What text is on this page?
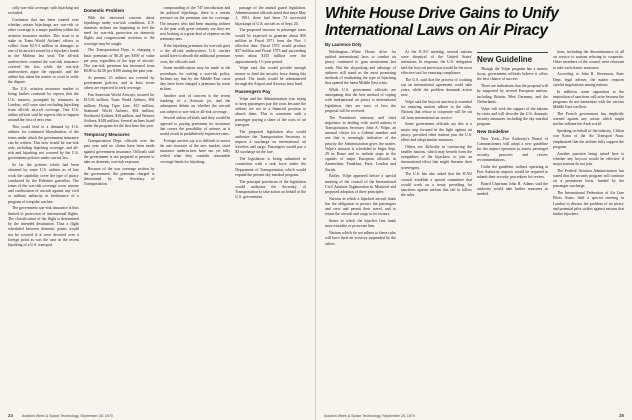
cally war-risk coverage, with hijacking not excluded.

Confusion that has been created over whether certain hijackings are war-risk or other coverage is a major problem within the aviation insurance market. This issue is at stake in Trans World Airlines' efforts to collect from $2.5-3 million in damages to one of its aircraft seized by a hijacker's bomb in the Mideast last year. The all-risk underwriters contend the war-risk insurance covered the loss while the war-risk underwriters argue the opposite, and the airline has taken the matter to court to settle the dispute.

The U.S. aviation insurance market is being further confused by reports that the U.S. insurers, prompted by reinsurers in London, will soon start excluding hijacking from all-risk aircraft coverage. One U.S. airline official said he expects this to happen around the first of next year.

This could lead to a demand by U.S. airlines for continued liberalization of the terms under which the government insurance can be written. This now would be war-risk only, including hijacking coverage, and all-risk and hijacking not covered by the U.S. government policies under current law.

So far the policies which had been obtained by some U.S. airlines as of late work the capability cover the type of piracy conducted by the Palestine guerrillas. The terms of the war-risk coverage cover seizure and confiscation of aircraft against any civil or military authority in furtherance of a program of irregular warfare.

The government war-risk insurance is thus limited to protection of international flights. The classification of the flight is determined by the intended destination. Thus a flight scheduled between domestic points would not be covered if it were diverted over a foreign point as was the case in the recent hijacking of a U.S. transport.

Domestic Problem

With the increased concern about hijackings under war-risk conditions, U.S. domestic airlines are beginning to feel the need for war-risk protection on domestic flights and congressional revisions to the coverage may be sought.

The Transportation Dept. is charging a basic premium of $0.20 per $100 of value per year, regardless of the type of aircraft. The war-risk premium has increased from $0.80 to $2.00 per $100 during the past year.

At present, 23 airlines are covered by government policies, and at least seven others are expected to seek coverage.

Pan American World Airways, insured for $15.56 million; Trans World Airlines, $94 million; Flying Tiger Line, $15 million; Seaboard World Airlines, $64 million; Northwest Airlines, $18 million; and Western Airlines, $148 million. Several airlines listed under the program for the first time this year.

Temporary Measures

Transportation Dept. officials over the past year said no claims have been made against government insurance. Officials said the government is not prepared at present to take on domestic war-risk exposure.

Because of the war coverage written by the government, the premium charged is determined by the Secretary of Transportation.

compounding of the 747 introduction and the political hijackings, there is a certain pressure on the premium rate for coverage. The insurers who had been insuring airlines in the past with great certainty say they are now looking at a great deal of expense on the premium rates.

If the hijacking premium for war-risk goes to the all-risk underwriters, U.S. carriers would have to absorb the additional premium costs, the officials said.

Some modifications may be made to the procedures for writing a war-risk policy. Airlines say that by the Middle East crisis they have been charged a premium by some airlines.

Another area of concern is the recent bombing of a Swissair jet, and the subsequent debate on whether the aircraft was subject to war-risk or all-risk coverage.

Several airline officials said they would be opposed to paying premiums for insurance that covers the possibility of seizure, as it would result in prohibitively expensive rates.

Foreign carriers say it is difficult to assess the rate structure of the new market, since insurance underwriters have not yet fully settled what they consider reasonable coverage limits for hijacking.

passage of the annual guard legislation. Administration officials noted that since May 1, 1961, there had been 74 successful hijackings of U.S. aircraft as of Sept. 20.

The proposed increase in passenger taxes would be expected to generate about $56 million in Fiscal 1971 from the Nov. 1 effective date. Fiscal 1972 would produce $57 million and Fiscal 1973 and succeeding years about $155 million over the approximately 1½ year period.

Volpe said this would provide enough money to fund the security force during this period. The funds would be administered through the Airport and Airways trust fund.

Passengers Pay

Volpe and the Administration was trying to keep passengers pay the costs because the airlines are not in a financial position to absorb them. This is consistent with a passenger paying a share of the costs of air transport.

The proposed legislation also would authorize the Transportation Secretary to impose a surcharge on international air travelers and cargo. Passengers would pay a $3 surcharge on the fare.

The legislation is being submitted in connection with a task force under the Department of Transportation, which would expand the present sky marshal program.

The principal provisions of the legislation would authorize the Secretary of Transportation to take action on behalf of the U.S. government.

24	Aviation Week & Space Technology, September 28, 1970
White House Drive Gains to Unify International Laws on Air Piracy
By Laurence Doty

Washington—White House drive for unified international laws to combat air piracy continued to gain momentum last week. But the skyjacking and sabotage of airliners still stand as the most promising methods of eradicating the type of hijacking that opened the latest Middle East crisis.

While U.S. government officials are anticipating that the best method of coping with international air piracy is international legislation, they are wary of how the proposal will be received.

The President's emissary and chief negotiator in dealing with world nations is Transportation Secretary John A. Volpe, an unusual choice for a Cabinet member and one that is seemingly indicative of the priority the Administration gives the matter. Volpe's mission is scheduled to begin Sept. 29 in Rome and to include stops in the capitals of major European officials in Amsterdam, Frankfurt, Paris, London and Zurich.

Earlier, Volpe appeared before a special meeting of the council of the International Civil Aviation Organization in Montreal and proposed adoption of three principles:

Nations in which a hijacked aircraft lands has the obligation to protect the passengers and crew and permit their travel, and to return the aircraft and cargo to its owners.

States in which the hijacker first lands must extradite or prosecute him.

Nations which do not adhere to these rules will have their air services suspended by the others.

At the ICAO meeting, several nations were skeptical of the United States' intentions. In response, the U.S. delegation said the boycott provision would be the most effective tool for ensuring compliance.

The U.S. said that the process of working out an international agreement could take years, while the problem demands action now.

Volpe said the boycott sanction is essential for ensuring nations adhere to the rules. Nations that refuse to cooperate will be cut off from international air service.

Some government officials say this is a major step forward in the fight against air piracy, provided other nations join the U.S. effort and adopt similar measures.

Others see difficulty in convincing the smaller nations, which may benefit from the sympathies of the hijackers, to join an international effort that might threaten their sovereignty.

The U.S. has also asked that the ICAO council establish a special committee that would work on a treaty providing for sanctions against nations that fail to follow the rules.

New Guideline

Though the Volpe program has a narrow focus, government officials believe it offers the best chance of success.

There are indications that the proposal will be supported by several European nations, including Britain, West Germany, and the Netherlands.

Volpe will seek the support of the nations he visits and will describe the U.S. domestic security measures, including the sky marshal program.

New Guideline

New York—Port Authority's Board of Commissioners will adopt a new guideline for the airport operators to assess passenger security practices and review recommendations.

Under the guideline, airlines operating at Port Authority airports would be required to submit their security procedures for review.

Board Chairman John R. Adams said the authority would take further measures as needed.

tions, including the discontinuance of all air service to nations refusing to cooperate. Other members of the council were reluctant to take such drastic measures.

According to John R. Stevenson, State Dept. legal adviser, the matter requires careful negotiations among nations.

In addition, some opposition to the imposition of sanctions will arise because the programs do not harmonize with the various Middle East conflicts.

The French government has implicitly warned against any action which might further inflame the Arab world.

Speaking on behalf of the industry, Clifton von Kann of the Air Transport Assn. emphasized that the airlines fully support the program.

Another question being raised here is whether any boycott would be effective if major nations do not join.

The Federal Aviation Administration has stated that the security program will continue on a permanent basis, funded by the passenger surcharge.

The International Federation of Air Line Pilots Assns. held a special meeting in London to discuss the problem of air piracy and potential pilot strikes against nations that harbor hijackers.

Aviation Week & Space Technology, September 28, 1970	25
